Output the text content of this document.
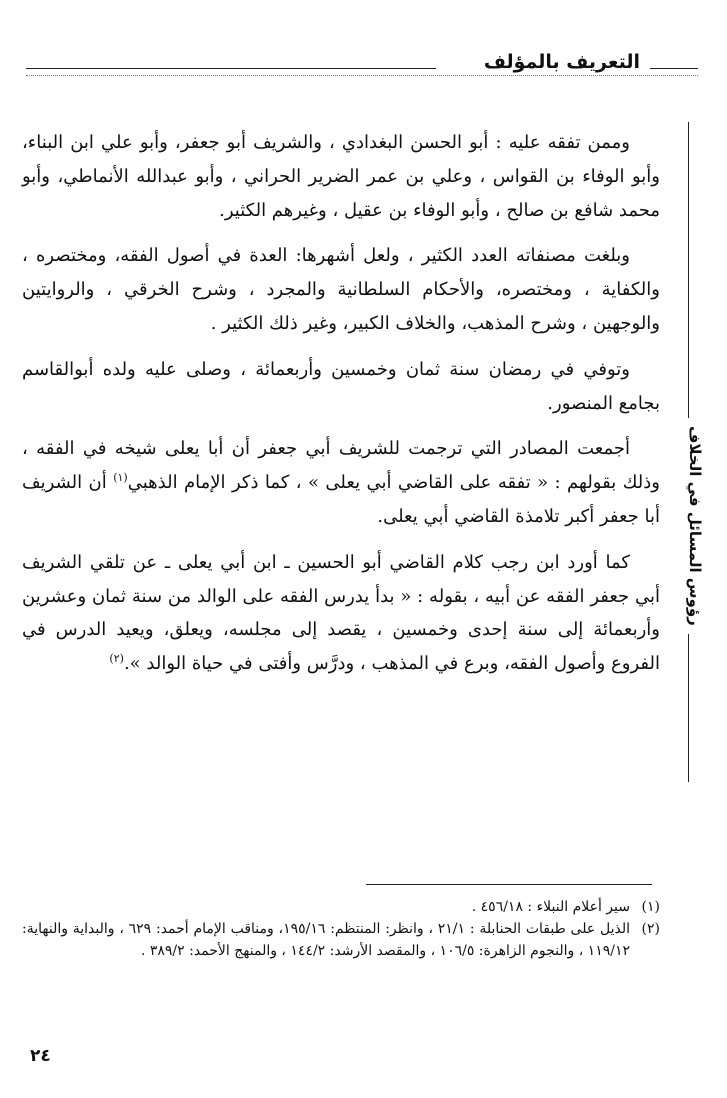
التعريف بالمؤلف
رؤوس المسائل في الخلاف

وممن تفقه عليه : أبو الحسن البغدادي ، والشريف أبو جعفر، وأبو علي ابن البناء، وأبو الوفاء بن القواس ، وعلي بن عمر الضرير الحراني ، وأبو عبدالله الأنماطي، وأبو محمد شافع بن صالح ، وأبو الوفاء بن عقيل ، وغيرهم الكثير.

وبلغت مصنفاته العدد الكثير ، ولعل أشهرها: العدة في أصول الفقه، ومختصره ، والكفاية ، ومختصره، والأحكام السلطانية والمجرد ، وشرح الخرقي ، والروايتين والوجهين ، وشرح المذهب، والخلاف الكبير، وغير ذلك الكثير .

وتوفي في رمضان سنة ثمان وخمسين وأربعمائة ، وصلى عليه ولده أبوالقاسم بجامع المنصور.

أجمعت المصادر التي ترجمت للشريف أبي جعفر أن أبا يعلى شيخه في الفقه ، وذلك بقولهم : « تفقه على القاضي أبي يعلى » ، كما ذكر الإمام الذهبي$^{(١)}$ أن الشريف أبا جعفر أكبر تلامذة القاضي أبي يعلى.

كما أورد ابن رجب كلام القاضي أبو الحسين ـ ابن أبي يعلى ـ عن تلقي الشريف أبي جعفر الفقه عن أبيه ، بقوله : « بدأ يدرس الفقه على الوالد من سنة ثمان وعشرين وأربعمائة إلى سنة إحدى وخمسين ، يقصد إلى مجلسه، ويعلق، ويعيد الدرس في الفروع وأصول الفقه، وبرع في المذهب ، ودرَّس وأفتى في حياة الوالد ».$^{(٢)}$

(١)
سير أعلام النبلاء : ٤٥٦/١٨ .
(٢)
الذيل على طبقات الحنابلة : ٢١/١ ، وانظر: المنتظم: ١٩٥/١٦، ومناقب الإمام أحمد: ٦٢٩ ، والبداية والنهاية: ١١٩/١٢ ، والنجوم الزاهرة: ١٠٦/٥ ، والمقصد الأرشد: ١٤٤/٢ ، والمنهج الأحمد: ٣٨٩/٢ .
٢٤
